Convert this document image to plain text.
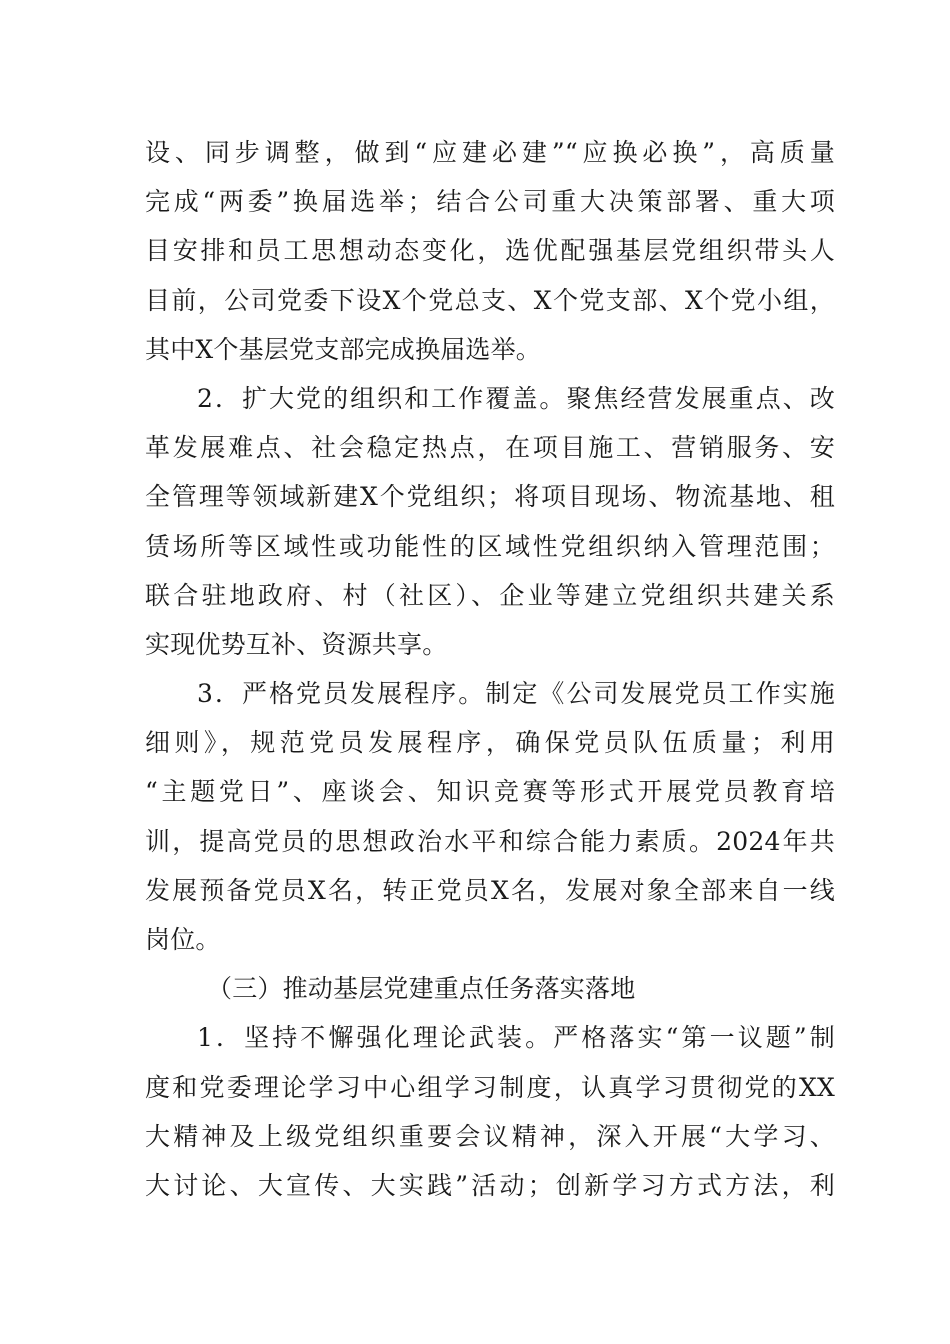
设、同步调整，做到“应建必建”“应换必换”，高质量
完成“两委”换届选举；结合公司重大决策部署、重大项
目安排和员工思想动态变化，选优配强基层党组织带头人
目前，公司党委下设X个党总支、X个党支部、X个党小组，
其中X个基层党支部完成换届选举。
2．扩大党的组织和工作覆盖。聚焦经营发展重点、改
革发展难点、社会稳定热点，在项目施工、营销服务、安
全管理等领域新建X个党组织；将项目现场、物流基地、租
赁场所等区域性或功能性的区域性党组织纳入管理范围；
联合驻地政府、村（社区）、企业等建立党组织共建关系
实现优势互补、资源共享。
3．严格党员发展程序。制定《公司发展党员工作实施
细则》，规范党员发展程序，确保党员队伍质量；利用
“主题党日”、座谈会、知识竞赛等形式开展党员教育培
训，提高党员的思想政治水平和综合能力素质。2024年共
发展预备党员X名，转正党员X名，发展对象全部来自一线
岗位。
（三）推动基层党建重点任务落实落地
1．坚持不懈强化理论武装。严格落实“第一议题”制
度和党委理论学习中心组学习制度，认真学习贯彻党的XX
大精神及上级党组织重要会议精神，深入开展“大学习、
大讨论、大宣传、大实践”活动；创新学习方式方法，利
